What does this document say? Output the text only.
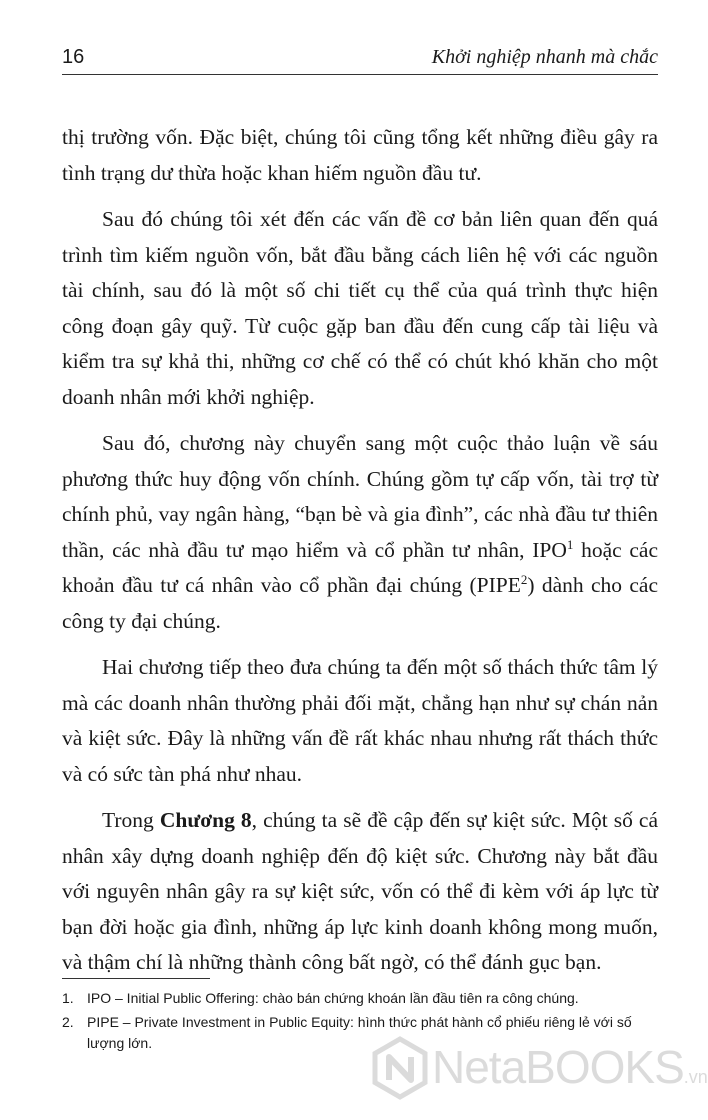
16	Khởi nghiệp nhanh mà chắc

thị trường vốn. Đặc biệt, chúng tôi cũng tổng kết những điều gây ra tình trạng dư thừa hoặc khan hiếm nguồn đầu tư.

Sau đó chúng tôi xét đến các vấn đề cơ bản liên quan đến quá trình tìm kiếm nguồn vốn, bắt đầu bằng cách liên hệ với các nguồn tài chính, sau đó là một số chi tiết cụ thể của quá trình thực hiện công đoạn gây quỹ. Từ cuộc gặp ban đầu đến cung cấp tài liệu và kiểm tra sự khả thi, những cơ chế có thể có chút khó khăn cho một doanh nhân mới khởi nghiệp.

Sau đó, chương này chuyển sang một cuộc thảo luận về sáu phương thức huy động vốn chính. Chúng gồm tự cấp vốn, tài trợ từ chính phủ, vay ngân hàng, “bạn bè và gia đình”, các nhà đầu tư thiên thần, các nhà đầu tư mạo hiểm và cổ phần tư nhân, IPO$^1$ hoặc các khoản đầu tư cá nhân vào cổ phần đại chúng (PIPE$^2$) dành cho các công ty đại chúng.

Hai chương tiếp theo đưa chúng ta đến một số thách thức tâm lý mà các doanh nhân thường phải đối mặt, chẳng hạn như sự chán nản và kiệt sức. Đây là những vấn đề rất khác nhau nhưng rất thách thức và có sức tàn phá như nhau.

Trong Chương 8, chúng ta sẽ đề cập đến sự kiệt sức. Một số cá nhân xây dựng doanh nghiệp đến độ kiệt sức. Chương này bắt đầu với nguyên nhân gây ra sự kiệt sức, vốn có thể đi kèm với áp lực từ bạn đời hoặc gia đình, những áp lực kinh doanh không mong muốn, và thậm chí là những thành công bất ngờ, có thể đánh gục bạn.

1. IPO – Initial Public Offering: chào bán chứng khoán lần đầu tiên ra công chúng.
2. PIPE – Private Investment in Public Equity: hình thức phát hành cổ phiếu riêng lẻ với số lượng lớn.	NetaBOOKS.vn
